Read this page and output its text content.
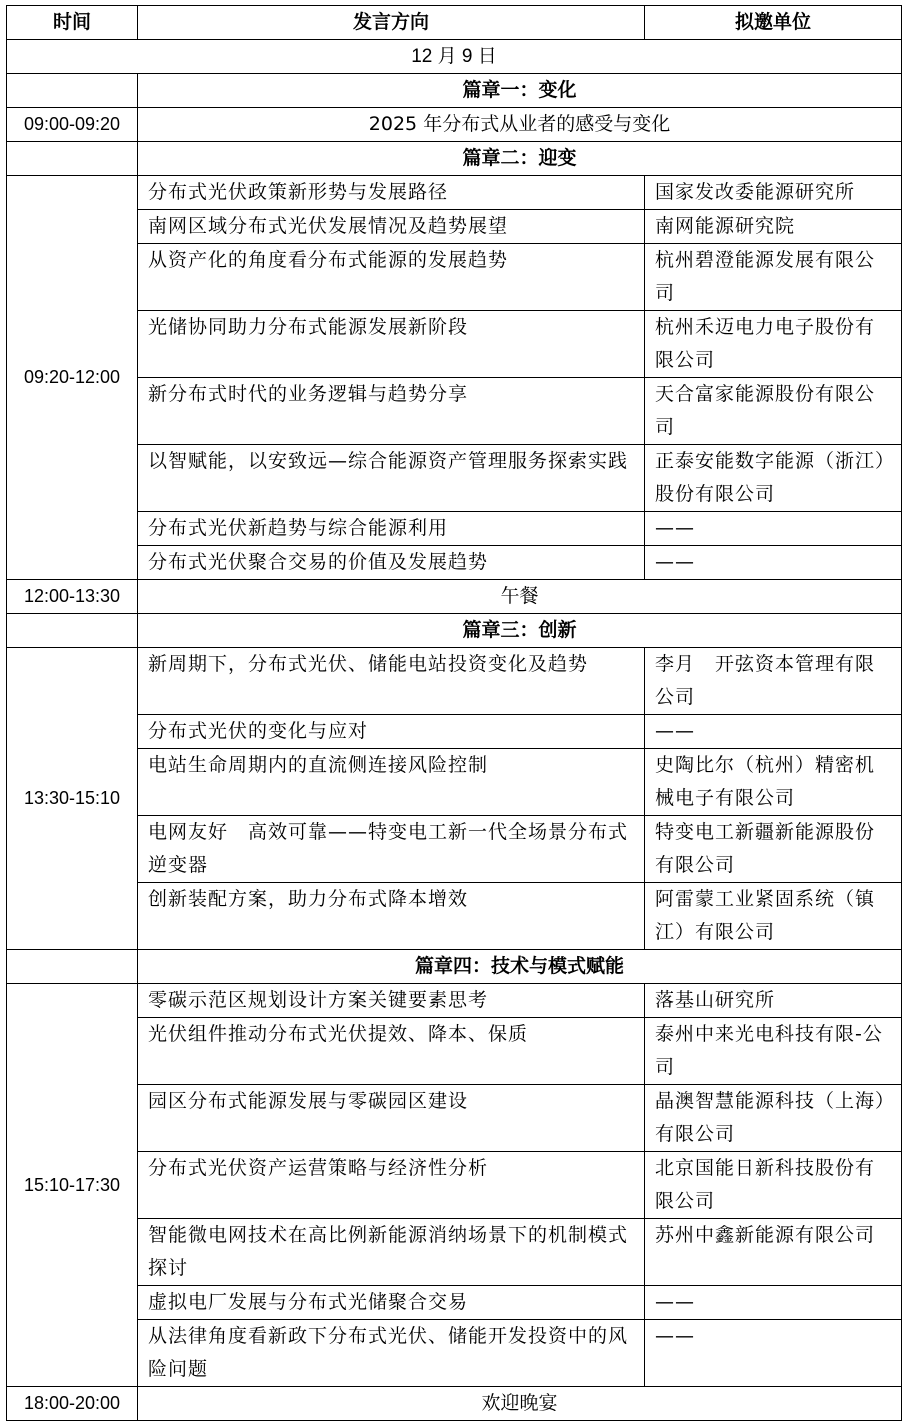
时间	发言方向	拟邀单位
12 月 9 日		
	篇章一：变化	
09:00-09:20	2025 年分布式从业者的感受与变化	
	篇章二：迎变	
09:20-12:00	分布式光伏政策新形势与发展路径	国家发改委能源研究所
	南网区域分布式光伏发展情况及趋势展望	南网能源研究院
	从资产化的角度看分布式能源的发展趋势	杭州碧澄能源发展有限公司
	光储协同助力分布式能源发展新阶段	杭州禾迈电力电子股份有限公司
	新分布式时代的业务逻辑与趋势分享	天合富家能源股份有限公司
	以智赋能，以安致远—综合能源资产管理服务探索实践	正泰安能数字能源（浙江）股份有限公司
	分布式光伏新趋势与综合能源利用	——
	分布式光伏聚合交易的价值及发展趋势	——
12:00-13:30	午餐	
	篇章三：创新	
13:30-15:10	新周期下，分布式光伏、储能电站投资变化及趋势	李月　开弦资本管理有限公司
	分布式光伏的变化与应对	——
	电站生命周期内的直流侧连接风险控制	史陶比尔（杭州）精密机械电子有限公司
	电网友好　高效可靠——特变电工新一代全场景分布式逆变器	特变电工新疆新能源股份有限公司
	创新装配方案，助力分布式降本增效	阿雷蒙工业紧固系统（镇江）有限公司
	篇章四：技术与模式赋能	
15:10-17:30	零碳示范区规划设计方案关键要素思考	落基山研究所
	光伏组件推动分布式光伏提效、降本、保质	泰州中来光电科技有限-公司
	园区分布式能源发展与零碳园区建设	晶澳智慧能源科技（上海）有限公司
	分布式光伏资产运营策略与经济性分析	北京国能日新科技股份有限公司
	智能微电网技术在高比例新能源消纳场景下的机制模式探讨	苏州中鑫新能源有限公司
	虚拟电厂发展与分布式光储聚合交易	——
	从法律角度看新政下分布式光伏、储能开发投资中的风险问题	——
18:00-20:00	欢迎晚宴	
